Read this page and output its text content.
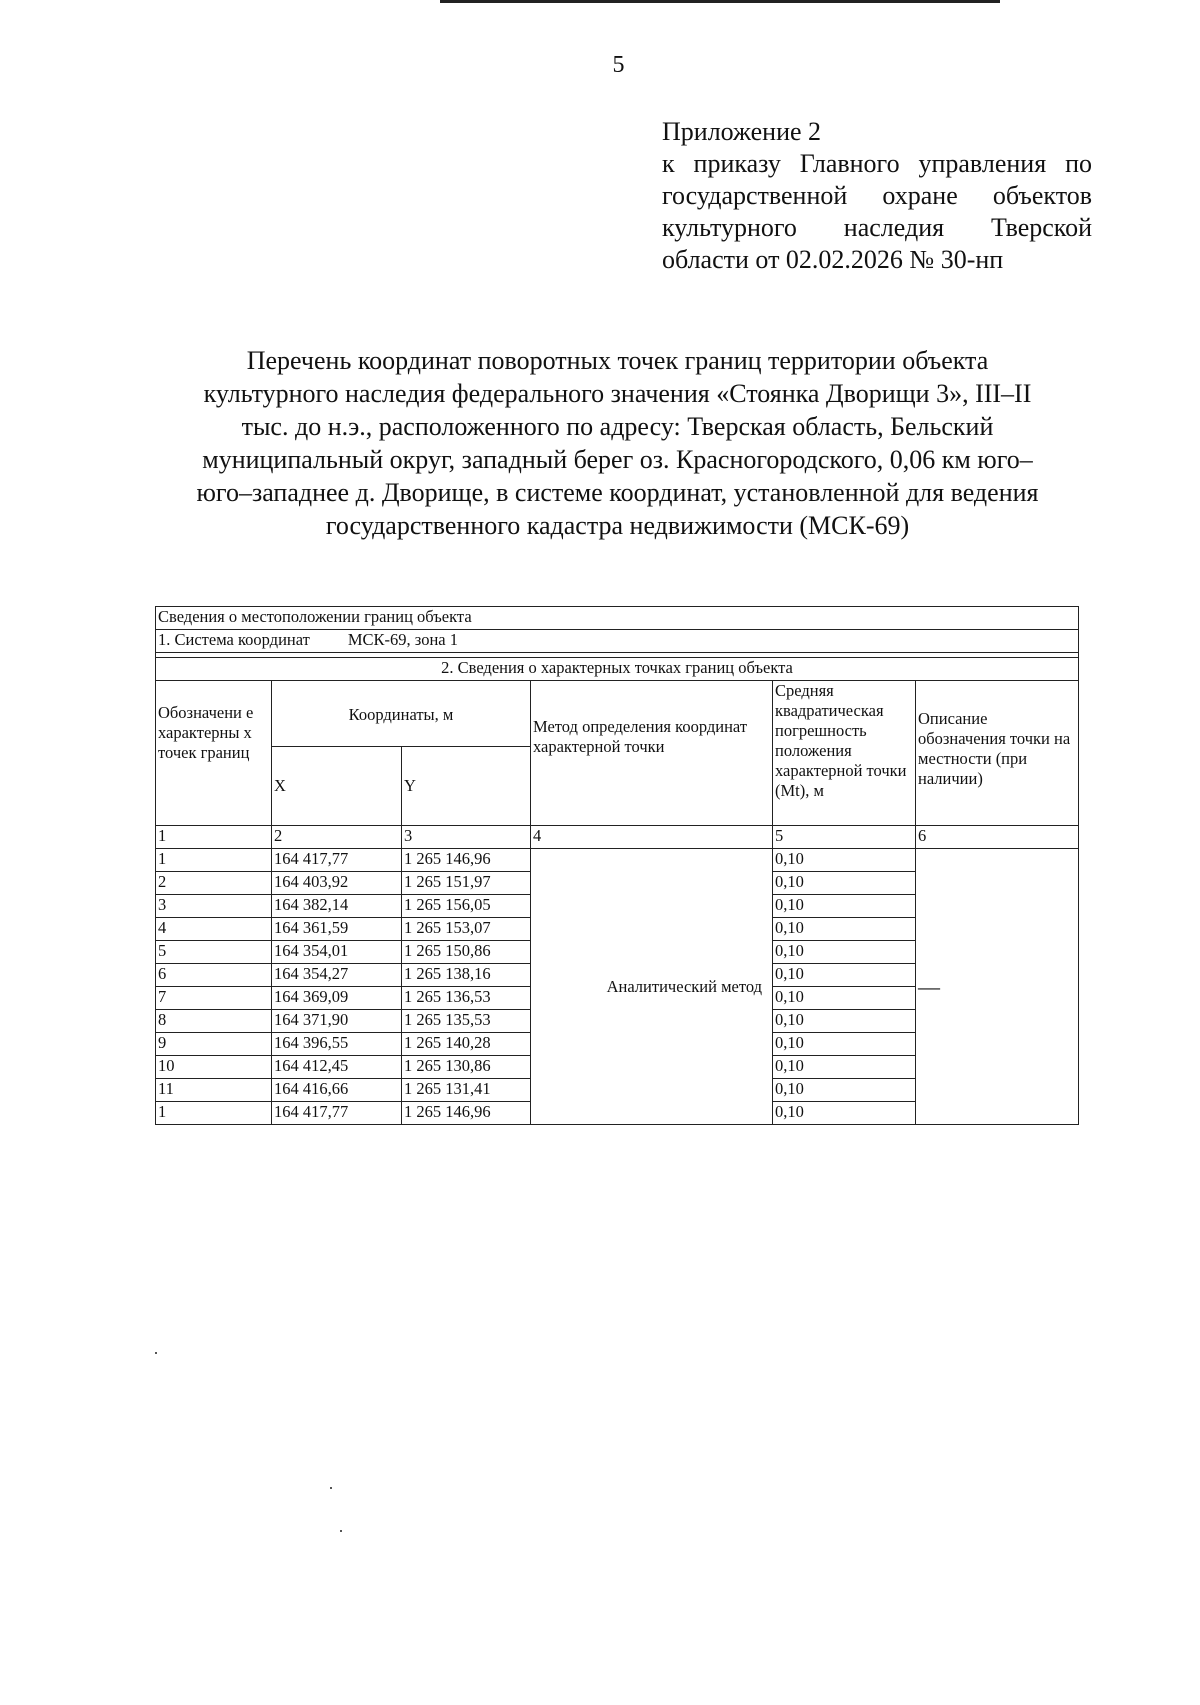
5
Приложение 2
к приказу Главного управления по
государственной охране объектов
культурного наследия Тверской
области от 02.02.2026 № 30-нп
Перечень координат поворотных точек границ территории объекта
культурного наследия федерального значения «Стоянка Дворищи 3», III–II
тыс. до н.э., расположенного по адресу: Тверская область, Бельский
муниципальный округ, западный берег оз. Красногородского, 0,06 км юго–
юго–западнее д. Дворище, в системе координат, установленной для ведения
государственного кадастра недвижимости (МСК-69)
Сведения о местоположении границ объекта					
1. Система координат МСК-69, зона 1					

2. Сведения о характерных точках границ объекта					
Обозначени е характерны х точек границ	Координаты, м		Метод определения координат характерной точки	Средняя квадратическая погрешность положения характерной точки (Mt), м	Описание обозначения точки на местности (при наличии)
	X	Y			
1	2	3	4	5	6
1	164 417,77	1 265 146,96	Аналитический метод	0,10	—
2	164 403,92	1 265 151,97		0,10	
3	164 382,14	1 265 156,05		0,10	
4	164 361,59	1 265 153,07		0,10	
5	164 354,01	1 265 150,86		0,10	
6	164 354,27	1 265 138,16		0,10	
7	164 369,09	1 265 136,53		0,10	
8	164 371,90	1 265 135,53		0,10	
9	164 396,55	1 265 140,28		0,10	
10	164 412,45	1 265 130,86		0,10	
11	164 416,66	1 265 131,41		0,10	
1	164 417,77	1 265 146,96		0,10	
